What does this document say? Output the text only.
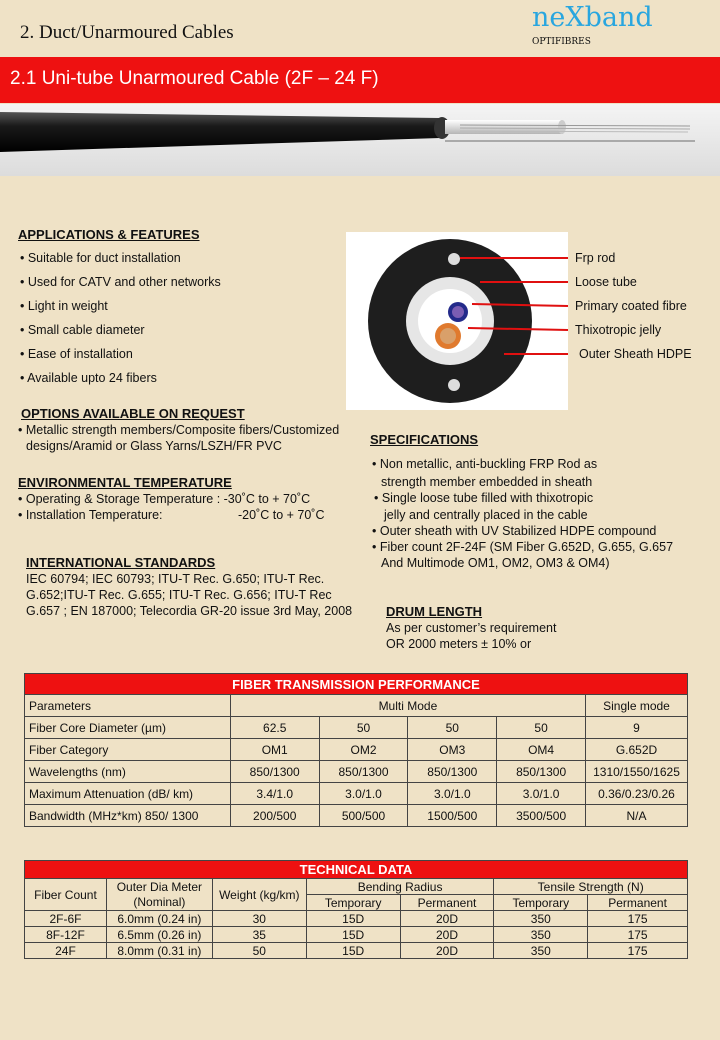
2. Duct/Unarmoured Cables	neXband
OPTIFIBRES
2.1 Uni-tube Unarmoured Cable (2F – 24 F)
APPLICATIONS & FEATURES
• Suitable for duct installation
• Used for CATV and other networks
• Light in weight
• Small cable diameter
• Ease of installation
• Available upto 24 fibers
Frp rod
Loose tube
Primary coated fibre
Thixotropic jelly
Outer Sheath HDPE
OPTIONS AVAILABLE ON REQUEST
• Metallic strength members/Composite fibers/Customized
designs/Aramid or Glass Yarns/LSZH/FR PVC
ENVIRONMENTAL TEMPERATURE
• Operating & Storage Temperature : -30˚C to + 70˚C
• Installation Temperature:	-20˚C to + 70˚C
INTERNATIONAL STANDARDS
IEC 60794; IEC 60793; ITU-T Rec. G.650; ITU-T Rec.
G.652;ITU-T Rec. G.655; ITU-T Rec. G.656; ITU-T Rec
G.657 ; EN 187000; Telecordia GR-20 issue 3rd May, 2008
SPECIFICATIONS
• Non metallic, anti-buckling FRP Rod as
strength member embedded in sheath
• Single loose tube filled with thixotropic
jelly and centrally placed in the cable
• Outer sheath with UV Stabilized HDPE compound
• Fiber count 2F-24F (SM Fiber G.652D, G.655, G.657
And Multimode OM1, OM2, OM3 & OM4)
DRUM LENGTH
As per customer’s requirement
OR 2000 meters ± 10% or
FIBER TRANSMISSION PERFORMANCE					
Parameters	Multi Mode				Single mode
Fiber Core Diameter (µm)	62.5	50	50	50	9
Fiber Category	OM1	OM2	OM3	OM4	G.652D
Wavelengths (nm)	850/1300	850/1300	850/1300	850/1300	1310/1550/1625
Maximum Attenuation (dB/ km)	3.4/1.0	3.0/1.0	3.0/1.0	3.0/1.0	0.36/0.23/0.26
Bandwidth (MHz*km) 850/ 1300	200/500	500/500	1500/500	3500/500	N/A
TECHNICAL DATA						
Fiber Count	Outer Dia Meter
(Nominal)	Weight (kg/km)	Bending Radius		Tensile Strength (N)	
			Temporary	Permanent	Temporary	Permanent
2F-6F	6.0mm (0.24 in)	30	15D	20D	350	175
8F-12F	6.5mm (0.26 in)	35	15D	20D	350	175
24F	8.0mm (0.31 in)	50	15D	20D	350	175
